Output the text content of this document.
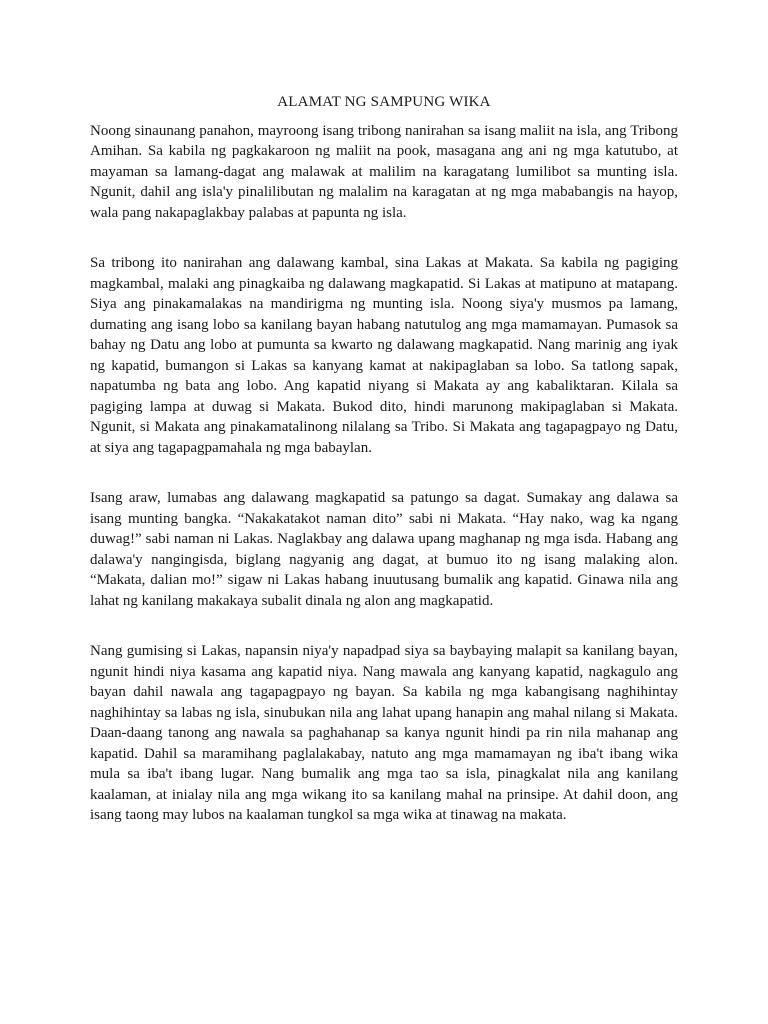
ALAMAT NG SAMPUNG WIKA

Noong sinaunang panahon, mayroong isang tribong nanirahan sa isang maliit na isla, ang Tribong Amihan. Sa kabila ng pagkakaroon ng maliit na pook, masagana ang ani ng mga katutubo, at mayaman sa lamang-dagat ang malawak at malilim na karagatang lumilibot sa munting isla. Ngunit, dahil ang isla'y pinalilibutan ng malalim na karagatan at ng mga mababangis na hayop, wala pang nakapaglakbay palabas at papunta ng isla.

Sa tribong ito nanirahan ang dalawang kambal, sina Lakas at Makata. Sa kabila ng pagiging magkambal, malaki ang pinagkaiba ng dalawang magkapatid. Si Lakas at matipuno at matapang. Siya ang pinakamalakas na mandirigma ng munting isla. Noong siya'y musmos pa lamang, dumating ang isang lobo sa kanilang bayan habang natutulog ang mga mamamayan. Pumasok sa bahay ng Datu ang lobo at pumunta sa kwarto ng dalawang magkapatid. Nang marinig ang iyak ng kapatid, bumangon si Lakas sa kanyang kamat at nakipaglaban sa lobo. Sa tatlong sapak, napatumba ng bata ang lobo. Ang kapatid niyang si Makata ay ang kabaliktaran. Kilala sa pagiging lampa at duwag si Makata. Bukod dito, hindi marunong makipaglaban si Makata. Ngunit, si Makata ang pinakamatalinong nilalang sa Tribo. Si Makata ang tagapagpayo ng Datu, at siya ang tagapagpamahala ng mga babaylan.

Isang araw, lumabas ang dalawang magkapatid sa patungo sa dagat. Sumakay ang dalawa sa isang munting bangka. “Nakakatakot naman dito” sabi ni Makata. “Hay nako, wag ka ngang duwag!” sabi naman ni Lakas. Naglakbay ang dalawa upang maghanap ng mga isda. Habang ang dalawa'y nangingisda, biglang nagyanig ang dagat, at bumuo ito ng isang malaking alon. “Makata, dalian mo!” sigaw ni Lakas habang inuutusang bumalik ang kapatid. Ginawa nila ang lahat ng kanilang makakaya subalit dinala ng alon ang magkapatid.

Nang gumising si Lakas, napansin niya'y napadpad siya sa baybaying malapit sa kanilang bayan, ngunit hindi niya kasama ang kapatid niya. Nang mawala ang kanyang kapatid, nagkagulo ang bayan dahil nawala ang tagapagpayo ng bayan. Sa kabila ng mga kabangisang naghihintay naghihintay sa labas ng isla, sinubukan nila ang lahat upang hanapin ang mahal nilang si Makata. Daan-daang tanong ang nawala sa paghahanap sa kanya ngunit hindi pa rin nila mahanap ang kapatid. Dahil sa maramihang paglalakabay, natuto ang mga mamamayan ng iba't ibang wika mula sa iba't ibang lugar. Nang bumalik ang mga tao sa isla, pinagkalat nila ang kanilang kaalaman, at inialay nila ang mga wikang ito sa kanilang mahal na prinsipe. At dahil doon, ang isang taong may lubos na kaalaman tungkol sa mga wika at tinawag na makata.
